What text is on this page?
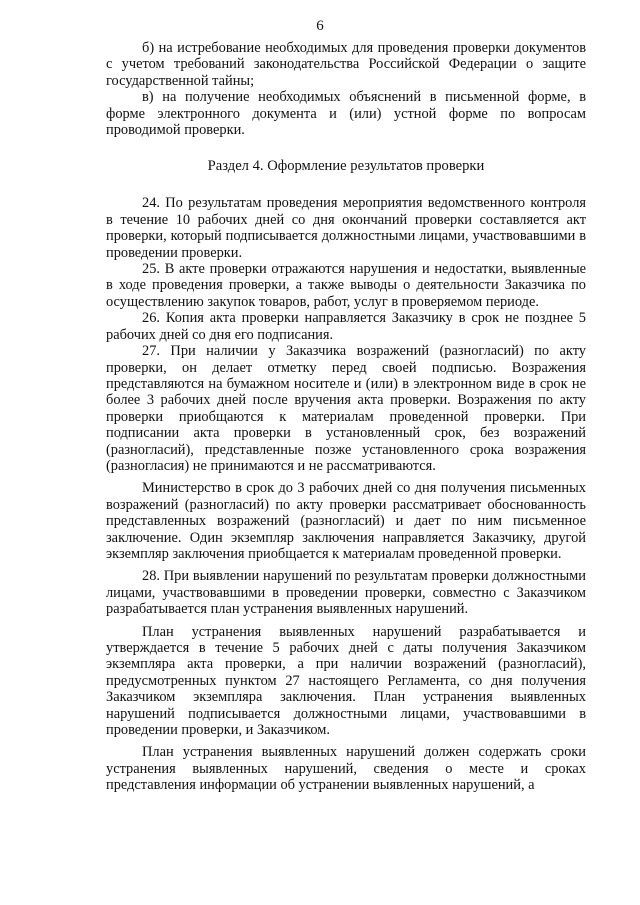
6

б) на истребование необходимых для проведения проверки документов с учетом требований законодательства Российской Федерации о защите государственной тайны;

в) на получение необходимых объяснений в письменной форме, в форме электронного документа и (или) устной форме по вопросам проводимой проверки.

Раздел 4. Оформление результатов проверки

24. По результатам проведения мероприятия ведомственного контроля в течение 10 рабочих дней со дня окончаний проверки составляется акт проверки, который подписывается должностными лицами, участвовавшими в проведении проверки.

25. В акте проверки отражаются нарушения и недостатки, выявленные в ходе проведения проверки, а также выводы о деятельности Заказчика по осуществлению закупок товаров, работ, услуг в проверяемом периоде.

26. Копия акта проверки направляется Заказчику в срок не позднее 5 рабочих дней со дня его подписания.

27. При наличии у Заказчика возражений (разногласий) по акту проверки, он делает отметку перед своей подписью. Возражения представляются на бумажном носителе и (или) в электронном виде в срок не более 3 рабочих дней после вручения акта проверки. Возражения по акту проверки приобщаются к материалам проведенной проверки. При подписании акта проверки в установленный срок, без возражений (разногласий), представленные позже установленного срока возражения (разногласия) не принимаются и не рассматриваются.

Министерство в срок до 3 рабочих дней со дня получения письменных возражений (разногласий) по акту проверки рассматривает обоснованность представленных возражений (разногласий) и дает по ним письменное заключение. Один экземпляр заключения направляется Заказчику, другой экземпляр заключения приобщается к материалам проведенной проверки.

28. При выявлении нарушений по результатам проверки должностными лицами, участвовавшими в проведении проверки, совместно с Заказчиком разрабатывается план устранения выявленных нарушений.

План устранения выявленных нарушений разрабатывается и утверждается в течение 5 рабочих дней с даты получения Заказчиком экземпляра акта проверки, а при наличии возражений (разногласий), предусмотренных пунктом 27 настоящего Регламента, со дня получения Заказчиком экземпляра заключения. План устранения выявленных нарушений подписывается должностными лицами, участвовавшими в проведении проверки, и Заказчиком.

План устранения выявленных нарушений должен содержать сроки устранения выявленных нарушений, сведения о месте и сроках представления информации об устранении выявленных нарушений, а
